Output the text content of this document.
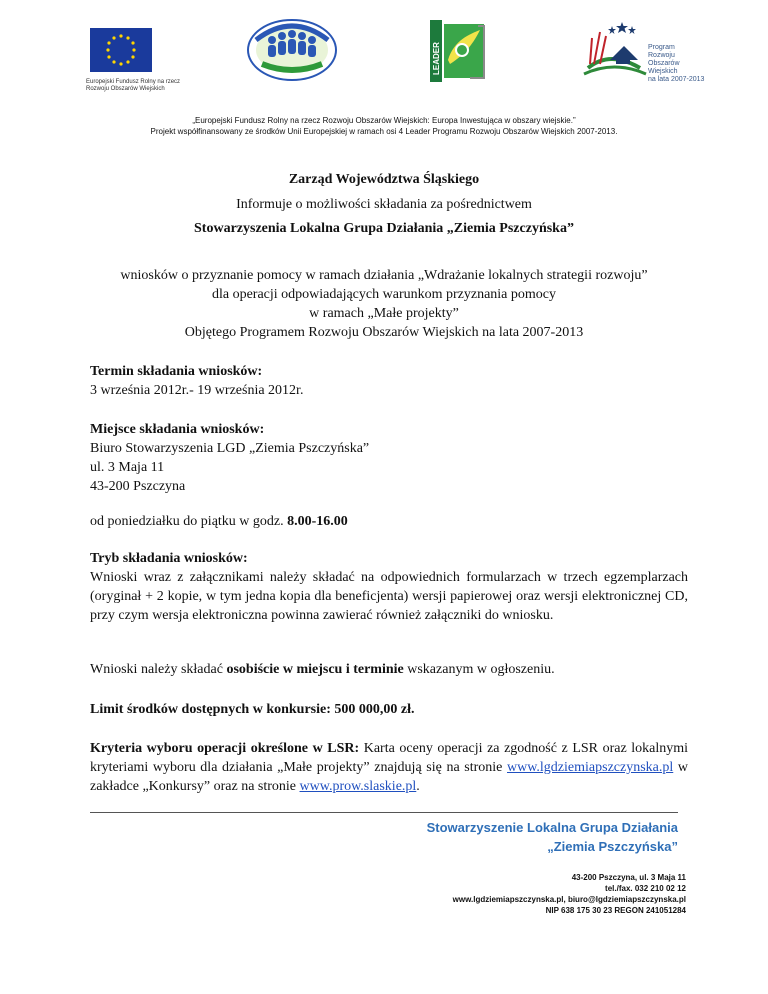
Europejski Fundusz Rolny na rzecz Rozwoju Obszarów Wiejskich
LEADER	Program
Rozwoju
Obszarów
Wiejskich
na lata 2007-2013
„Europejski Fundusz Rolny na rzecz Rozwoju Obszarów Wiejskich: Europa Inwestująca w obszary wiejskie.”
Projekt współfinansowany ze środków Unii Europejskiej w ramach osi 4 Leader Programu Rozwoju Obszarów Wiejskich 2007-2013.
Zarząd Województwa Śląskiego
Informuje o możliwości składania za pośrednictwem
Stowarzyszenia Lokalna Grupa Działania „Ziemia Pszczyńska”
wniosków o przyznanie pomocy w ramach działania „Wdrażanie lokalnych strategii rozwoju”
dla operacji odpowiadających warunkom przyznania pomocy
w ramach „Małe projekty”
Objętego Programem Rozwoju Obszarów Wiejskich na lata 2007-2013
Termin składania wniosków:
3 września 2012r.- 19 września 2012r.
Miejsce składania wniosków:
Biuro Stowarzyszenia LGD „Ziemia Pszczyńska”
ul. 3 Maja 11
43-200 Pszczyna
od poniedziałku do piątku w godz. 8.00-16.00
Tryb składania wniosków:
Wnioski wraz z załącznikami należy składać na odpowiednich formularzach w trzech egzemplarzach (oryginał + 2 kopie, w tym jedna kopia dla beneficjenta) wersji papierowej oraz wersji elektronicznej CD, przy czym wersja elektroniczna powinna zawierać również załączniki do wniosku.
Wnioski należy składać osobiście w miejscu i terminie wskazanym w ogłoszeniu.
Limit środków dostępnych w konkursie: 500 000,00 zł.
Kryteria wyboru operacji określone w LSR: Karta oceny operacji za zgodność z LSR oraz lokalnymi kryteriami wyboru dla działania „Małe projekty” znajdują się na stronie www.lgdziemiapszczynska.pl w zakładce „Konkursy” oraz na stronie www.prow.slaskie.pl.
Stowarzyszenie Lokalna Grupa Działania
„Ziemia Pszczyńska”
43-200 Pszczyna, ul. 3 Maja 11
tel./fax. 032 210 02 12
www.lgdziemiapszczynska.pl, biuro@lgdziemiapszczynska.pl
NIP 638 175 30 23 REGON 241051284
